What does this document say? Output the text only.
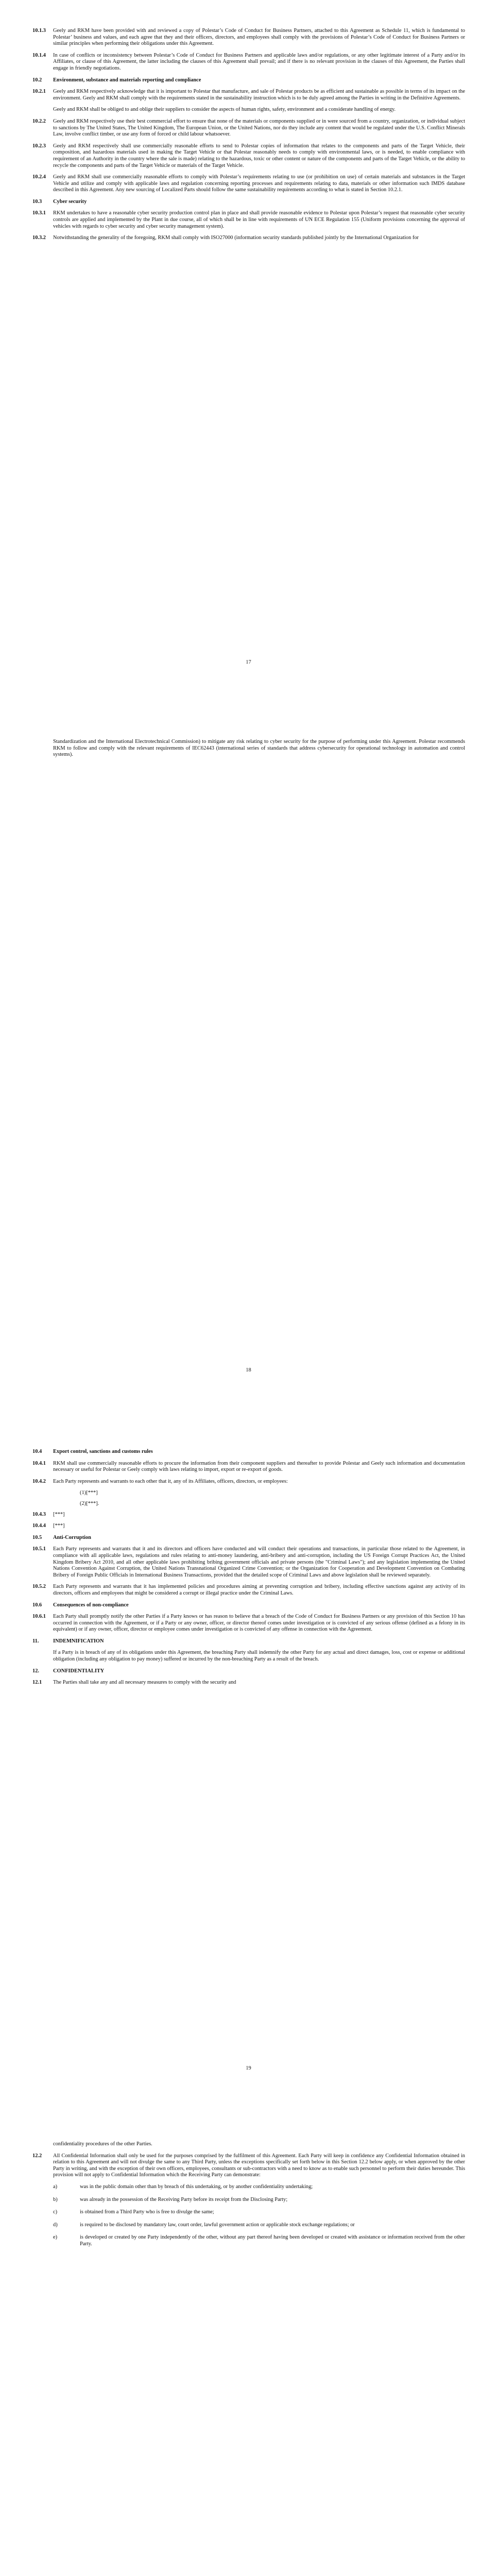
10.1.3	Geely and RKM have been provided with and reviewed a copy of Polestar’s Code of Conduct for Business Partners, attached to this Agreement as Schedule 11, which is fundamental to Polestar’ business and values, and each agree that they and their officers, directors, and employees shall comply with the provisions of Polestar’s Code of Conduct for Business Partners or similar principles when performing their obligations under this Agreement.
10.1.4	In case of conflicts or inconsistency between Polestar’s Code of Conduct for Business Partners and applicable laws and/or regulations, or any other legitimate interest of a Party and/or its Affiliates, or clause of this Agreement, the latter including the clauses of this Agreement shall prevail; and if there is no relevant provision in the clauses of this Agreement, the Parties shall engage in friendly negotiations.
10.2	Environment, substance and materials reporting and compliance
10.2.1	Geely and RKM respectively acknowledge that it is important to Polestar that manufacture, and sale of Polestar products be as efficient and sustainable as possible in terms of its impact on the environment. Geely and RKM shall comply with the requirements stated in the sustainability instruction which is to be duly agreed among the Parties in writing in the Definitive Agreements.
Geely and RKM shall be obliged to and oblige their suppliers to consider the aspects of human rights, safety, environment and a considerate handling of energy.
10.2.2	Geely and RKM respectively use their best commercial effort to ensure that none of the materials or components supplied or in were sourced from a country, organization, or individual subject to sanctions by The United States, The United Kingdom, The European Union, or the United Nations, nor do they include any content that would be regulated under the U.S. Conflict Minerals Law, involve conflict timber, or use any form of forced or child labour whatsoever.
10.2.3	Geely and RKM respectively shall use commercially reasonable efforts to send to Polestar copies of information that relates to the components and parts of the Target Vehicle, their composition, and hazardous materials used in making the Target Vehicle or that Polestar reasonably needs to comply with environmental laws, or is needed, to enable compliance with requirement of an Authority in the country where the sale is made) relating to the hazardous, toxic or other content or nature of the components and parts of the Target Vehicle, or the ability to recycle the components and parts of the Target Vehicle or materials of the Target Vehicle.
10.2.4	Geely and RKM shall use commercially reasonable efforts to comply with Polestar’s requirements relating to use (or prohibition on use) of certain materials and substances in the Target Vehicle and utilize and comply with applicable laws and regulation concerning reporting processes and requirements relating to data, materials or other information such IMDS database described in this Agreement. Any new sourcing of Localized Parts should follow the same sustainability requirements according to what is stated in Section 10.2.1.
10.3	Cyber security
10.3.1	RKM undertakes to have a reasonable cyber security production control plan in place and shall provide reasonable evidence to Polestar upon Polestar’s request that reasonable cyber security controls are applied and implemented by the Plant in due course, all of which shall be in line with requirements of UN ECE Regulation 155 (Uniform provisions concerning the approval of vehicles with regards to cyber security and cyber security management system).
10.3.2	Notwithstanding the generality of the foregoing, RKM shall comply with ISO27000 (information security standards published jointly by the International Organization for
17
Standardization and the International Electrotechnical Commission) to mitigate any risk relating to cyber security for the purpose of performing under this Agreement. Polestar recommends RKM to follow and comply with the relevant requirements of IEC62443 (international series of standards that address cybersecurity for operational technology in automation and control systems).
18
10.4	Export control, sanctions and customs rules
10.4.1	RKM shall use commercially reasonable efforts to procure the information from their component suppliers and thereafter to provide Polestar and Geely such information and documentation necessary or useful for Polestar or Geely comply with laws relating to import, export or re-export of goods.
10.4.2	Each Party represents and warrants to each other that it, any of its Affiliates, officers, directors, or employees:
(1)[***]
(2)[***].
10.4.3	[***]
10.4.4	[***]
10.5	Anti-Corruption
10.5.1	Each Party represents and warrants that it and its directors and officers have conducted and will conduct their operations and transactions, in particular those related to the Agreement, in compliance with all applicable laws, regulations and rules relating to anti-money laundering, anti-bribery and anti-corruption, including the US Foreign Corrupt Practices Act, the United Kingdom Bribery Act 2010, and all other applicable laws prohibiting bribing government officials and private persons (the "Criminal Laws"); and any legislation implementing the United Nations Convention Against Corruption, the United Nations Transnational Organized Crime Convention; or the Organization for Cooperation and Development Convention on Combating Bribery of Foreign Public Officials in International Business Transactions, provided that the detailed scope of Criminal Laws and above legislation shall be reviewed separately.
10.5.2	Each Party represents and warrants that it has implemented policies and procedures aiming at preventing corruption and bribery, including effective sanctions against any activity of its directors, officers and employees that might be considered a corrupt or illegal practice under the Criminal Laws.
10.6	Consequences of non-compliance
10.6.1	Each Party shall promptly notify the other Parties if a Party knows or has reason to believe that a breach of the Code of Conduct for Business Partners or any provision of this Section 10 has occurred in connection with the Agreement, or if a Party or any owner, officer, or director thereof comes under investigation or is convicted of any serious offense (defined as a felony in its equivalent) or if any owner, officer, director or employee comes under investigation or is convicted of any offense in connection with the Agreement.
11.	INDEMNIFICATION
If a Party is in breach of any of its obligations under this Agreement, the breaching Party shall indemnify the other Party for any actual and direct damages, loss, cost or expense or additional obligation (including any obligation to pay money) suffered or incurred by the non-breaching Party as a result of the breach.
12.	CONFIDENTIALITY
12.1	The Parties shall take any and all necessary measures to comply with the security and
19
confidentiality procedures of the other Parties.
12.2	All Confidential Information shall only be used for the purposes comprised by the fulfilment of this Agreement. Each Party will keep in confidence any Confidential Information obtained in relation to this Agreement and will not divulge the same to any Third Party, unless the exceptions specifically set forth below in this Section 12.2 below apply, or when approved by the other Party in writing, and with the exception of their own officers, employees, consultants or sub-contractors with a need to know as to enable such personnel to perform their duties hereunder. This provision will not apply to Confidential Information which the Receiving Party can demonstrate:
a)	was in the public domain other than by breach of this undertaking, or by another confidentiality undertaking;
b)	was already in the possession of the Receiving Party before its receipt from the Disclosing Party;
c)	is obtained from a Third Party who is free to divulge the same;
d)	is required to be disclosed by mandatory law, court order, lawful government action or applicable stock exchange regulations; or
e)	is developed or created by one Party independently of the other, without any part thereof having been developed or created with assistance or information received from the other Party.
